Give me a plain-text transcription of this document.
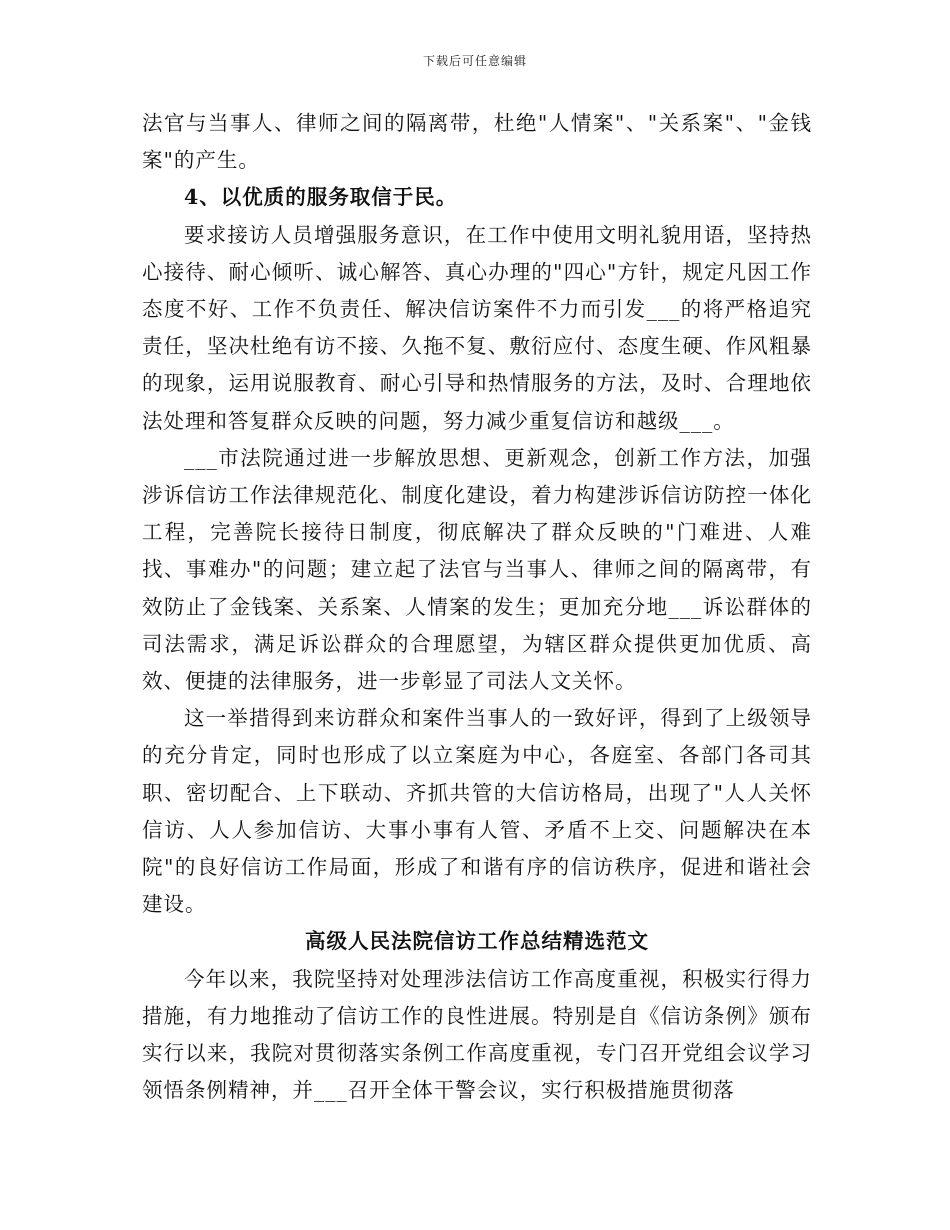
下载后可任意编辑

法官与当事人、律师之间的隔离带，杜绝"人情案"、"关系案"、"金钱案"的产生。

4、以优质的服务取信于民。

要求接访人员增强服务意识，在工作中使用文明礼貌用语，坚持热心接待、耐心倾听、诚心解答、真心办理的"四心"方针，规定凡因工作态度不好、工作不负责任、解决信访案件不力而引发___的将严格追究责任，坚决杜绝有访不接、久拖不复、敷衍应付、态度生硬、作风粗暴的现象，运用说服教育、耐心引导和热情服务的方法，及时、合理地依法处理和答复群众反映的问题，努力减少重复信访和越级___。

___市法院通过进一步解放思想、更新观念，创新工作方法，加强涉诉信访工作法律规范化、制度化建设，着力构建涉诉信访防控一体化工程，完善院长接待日制度，彻底解决了群众反映的"门难进、人难找、事难办"的问题；建立起了法官与当事人、律师之间的隔离带，有效防止了金钱案、关系案、人情案的发生；更加充分地___诉讼群体的司法需求，满足诉讼群众的合理愿望，为辖区群众提供更加优质、高效、便捷的法律服务，进一步彰显了司法人文关怀。

这一举措得到来访群众和案件当事人的一致好评，得到了上级领导的充分肯定，同时也形成了以立案庭为中心，各庭室、各部门各司其职、密切配合、上下联动、齐抓共管的大信访格局，出现了"人人关怀信访、人人参加信访、大事小事有人管、矛盾不上交、问题解决在本院"的良好信访工作局面，形成了和谐有序的信访秩序，促进和谐社会建设。

高级人民法院信访工作总结精选范文

今年以来，我院坚持对处理涉法信访工作高度重视，积极实行得力措施，有力地推动了信访工作的良性进展。特别是自《信访条例》颁布实行以来，我院对贯彻落实条例工作高度重视，专门召开党组会议学习领悟条例精神，并___召开全体干警会议，实行积极措施贯彻落
